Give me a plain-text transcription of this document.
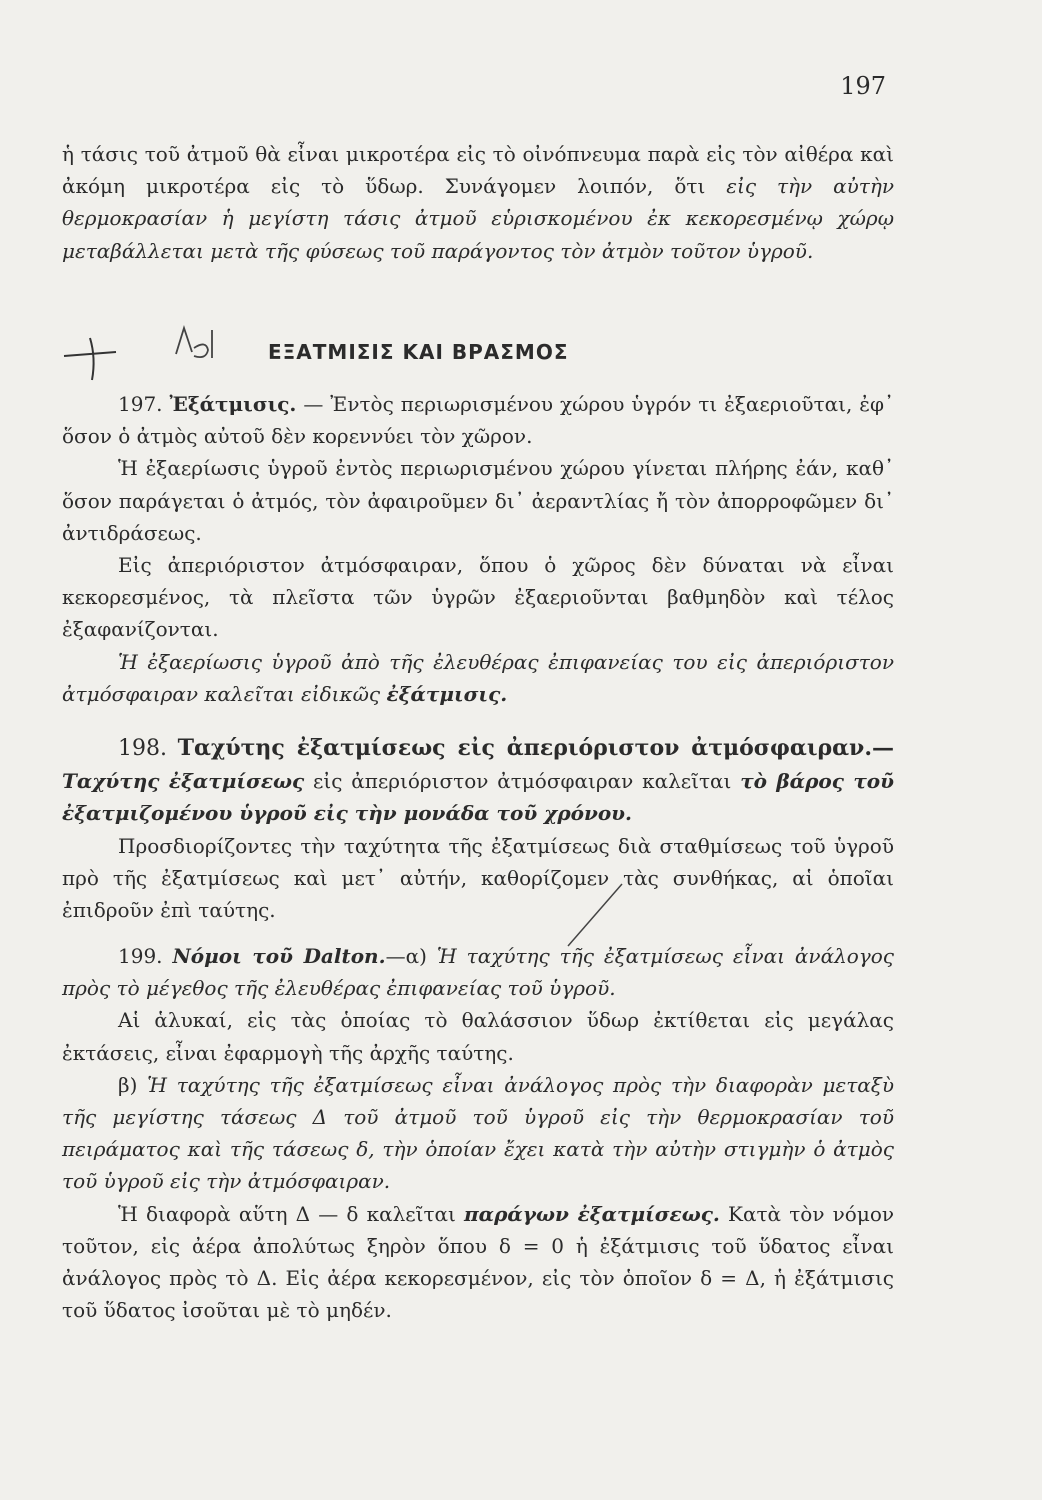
197

ἡ τάσις τοῦ ἀτμοῦ θὰ εἶναι μικροτέρα εἰς τὸ οἰνόπνευμα παρὰ εἰς τὸν αἰθέρα καὶ ἀκόμη μικροτέρα εἰς τὸ ὕδωρ. Συνάγομεν λοιπόν, ὅτι εἰς τὴν αὐτὴν θερμοκρασίαν ἡ μεγίστη τάσις ἀτμοῦ εὑρισκομένου ἐκ κεκορεσμένῳ χώρῳ μεταβάλλεται μετὰ τῆς φύσεως τοῦ παράγοντος τὸν ἀτμὸν τοῦτον ὑγροῦ.

ΕΞΑΤΜΙΣΙΣ ΚΑΙ ΒΡΑΣΜΟΣ

197. Ἐξάτμισις. — Ἐντὸς περιωρισμένου χώρου ὑγρόν τι ἐξαεριοῦται, ἐφ᾽ ὅσον ὁ ἀτμὸς αὐτοῦ δὲν κορεννύει τὸν χῶρον.

Ἡ ἐξαερίωσις ὑγροῦ ἐντὸς περιωρισμένου χώρου γίνεται πλήρης ἐάν, καθ᾽ ὅσον παράγεται ὁ ἀτμός, τὸν ἀφαιροῦμεν δι᾽ ἀεραντλίας ἤ τὸν ἀπορροφῶμεν δι᾽ ἀντιδράσεως.

Εἰς ἀπεριόριστον ἀτμόσφαιραν, ὅπου ὁ χῶρος δὲν δύναται νὰ εἶναι κεκορεσμένος, τὰ πλεῖστα τῶν ὑγρῶν ἐξαεριοῦνται βαθμηδὸν καὶ τέλος ἐξαφανίζονται.

Ἡ ἐξαερίωσις ὑγροῦ ἀπὸ τῆς ἐλευθέρας ἐπιφανείας του εἰς ἀπεριόριστον ἀτμόσφαιραν καλεῖται εἰδικῶς ἐξάτμισις.

198. Ταχύτης ἐξατμίσεως εἰς ἀπεριόριστον ἀτμόσφαιραν.— Ταχύτης ἐξατμίσεως εἰς ἀπεριόριστον ἀτμόσφαιραν καλεῖται τὸ βάρος τοῦ ἐξατμιζομένου ὑγροῦ εἰς τὴν μονάδα τοῦ χρόνου.

Προσδιορίζοντες τὴν ταχύτητα τῆς ἐξατμίσεως διὰ σταθμίσεως τοῦ ὑγροῦ πρὸ τῆς ἐξατμίσεως καὶ μετ᾽ αὐτήν, καθορίζομεν τὰς συνθήκας, αἱ ὁποῖαι ἐπιδροῦν ἐπὶ ταύτης.

199. Νόμοι τοῦ Dalton.—α) Ἡ ταχύτης τῆς ἐξατμίσεως εἶναι ἀνάλογος πρὸς τὸ μέγεθος τῆς ἐλευθέρας ἐπιφανείας τοῦ ὑγροῦ.

Αἱ ἁλυκαί, εἰς τὰς ὁποίας τὸ θαλάσσιον ὕδωρ ἐκτίθεται εἰς μεγάλας ἐκτάσεις, εἶναι ἐφαρμογὴ τῆς ἀρχῆς ταύτης.

β) Ἡ ταχύτης τῆς ἐξατμίσεως εἶναι ἀνάλογος πρὸς τὴν διαφορὰν μεταξὺ τῆς μεγίστης τάσεως Δ τοῦ ἀτμοῦ τοῦ ὑγροῦ εἰς τὴν θερμοκρασίαν τοῦ πειράματος καὶ τῆς τάσεως δ, τὴν ὁποίαν ἔχει κατὰ τὴν αὐτὴν στιγμὴν ὁ ἀτμὸς τοῦ ὑγροῦ εἰς τὴν ἀτμόσφαιραν.

Ἡ διαφορὰ αὕτη Δ — δ καλεῖται παράγων ἐξατμίσεως. Κατὰ τὸν νόμον τοῦτον, εἰς ἀέρα ἀπολύτως ξηρὸν ὅπου δ = 0 ἡ ἐξάτμισις τοῦ ὕδατος εἶναι ἀνάλογος πρὸς τὸ Δ. Εἰς ἀέρα κεκορεσμένον, εἰς τὸν ὁποῖον δ = Δ, ἡ ἐξάτμισις τοῦ ὕδατος ἰσοῦται μὲ τὸ μηδέν.
